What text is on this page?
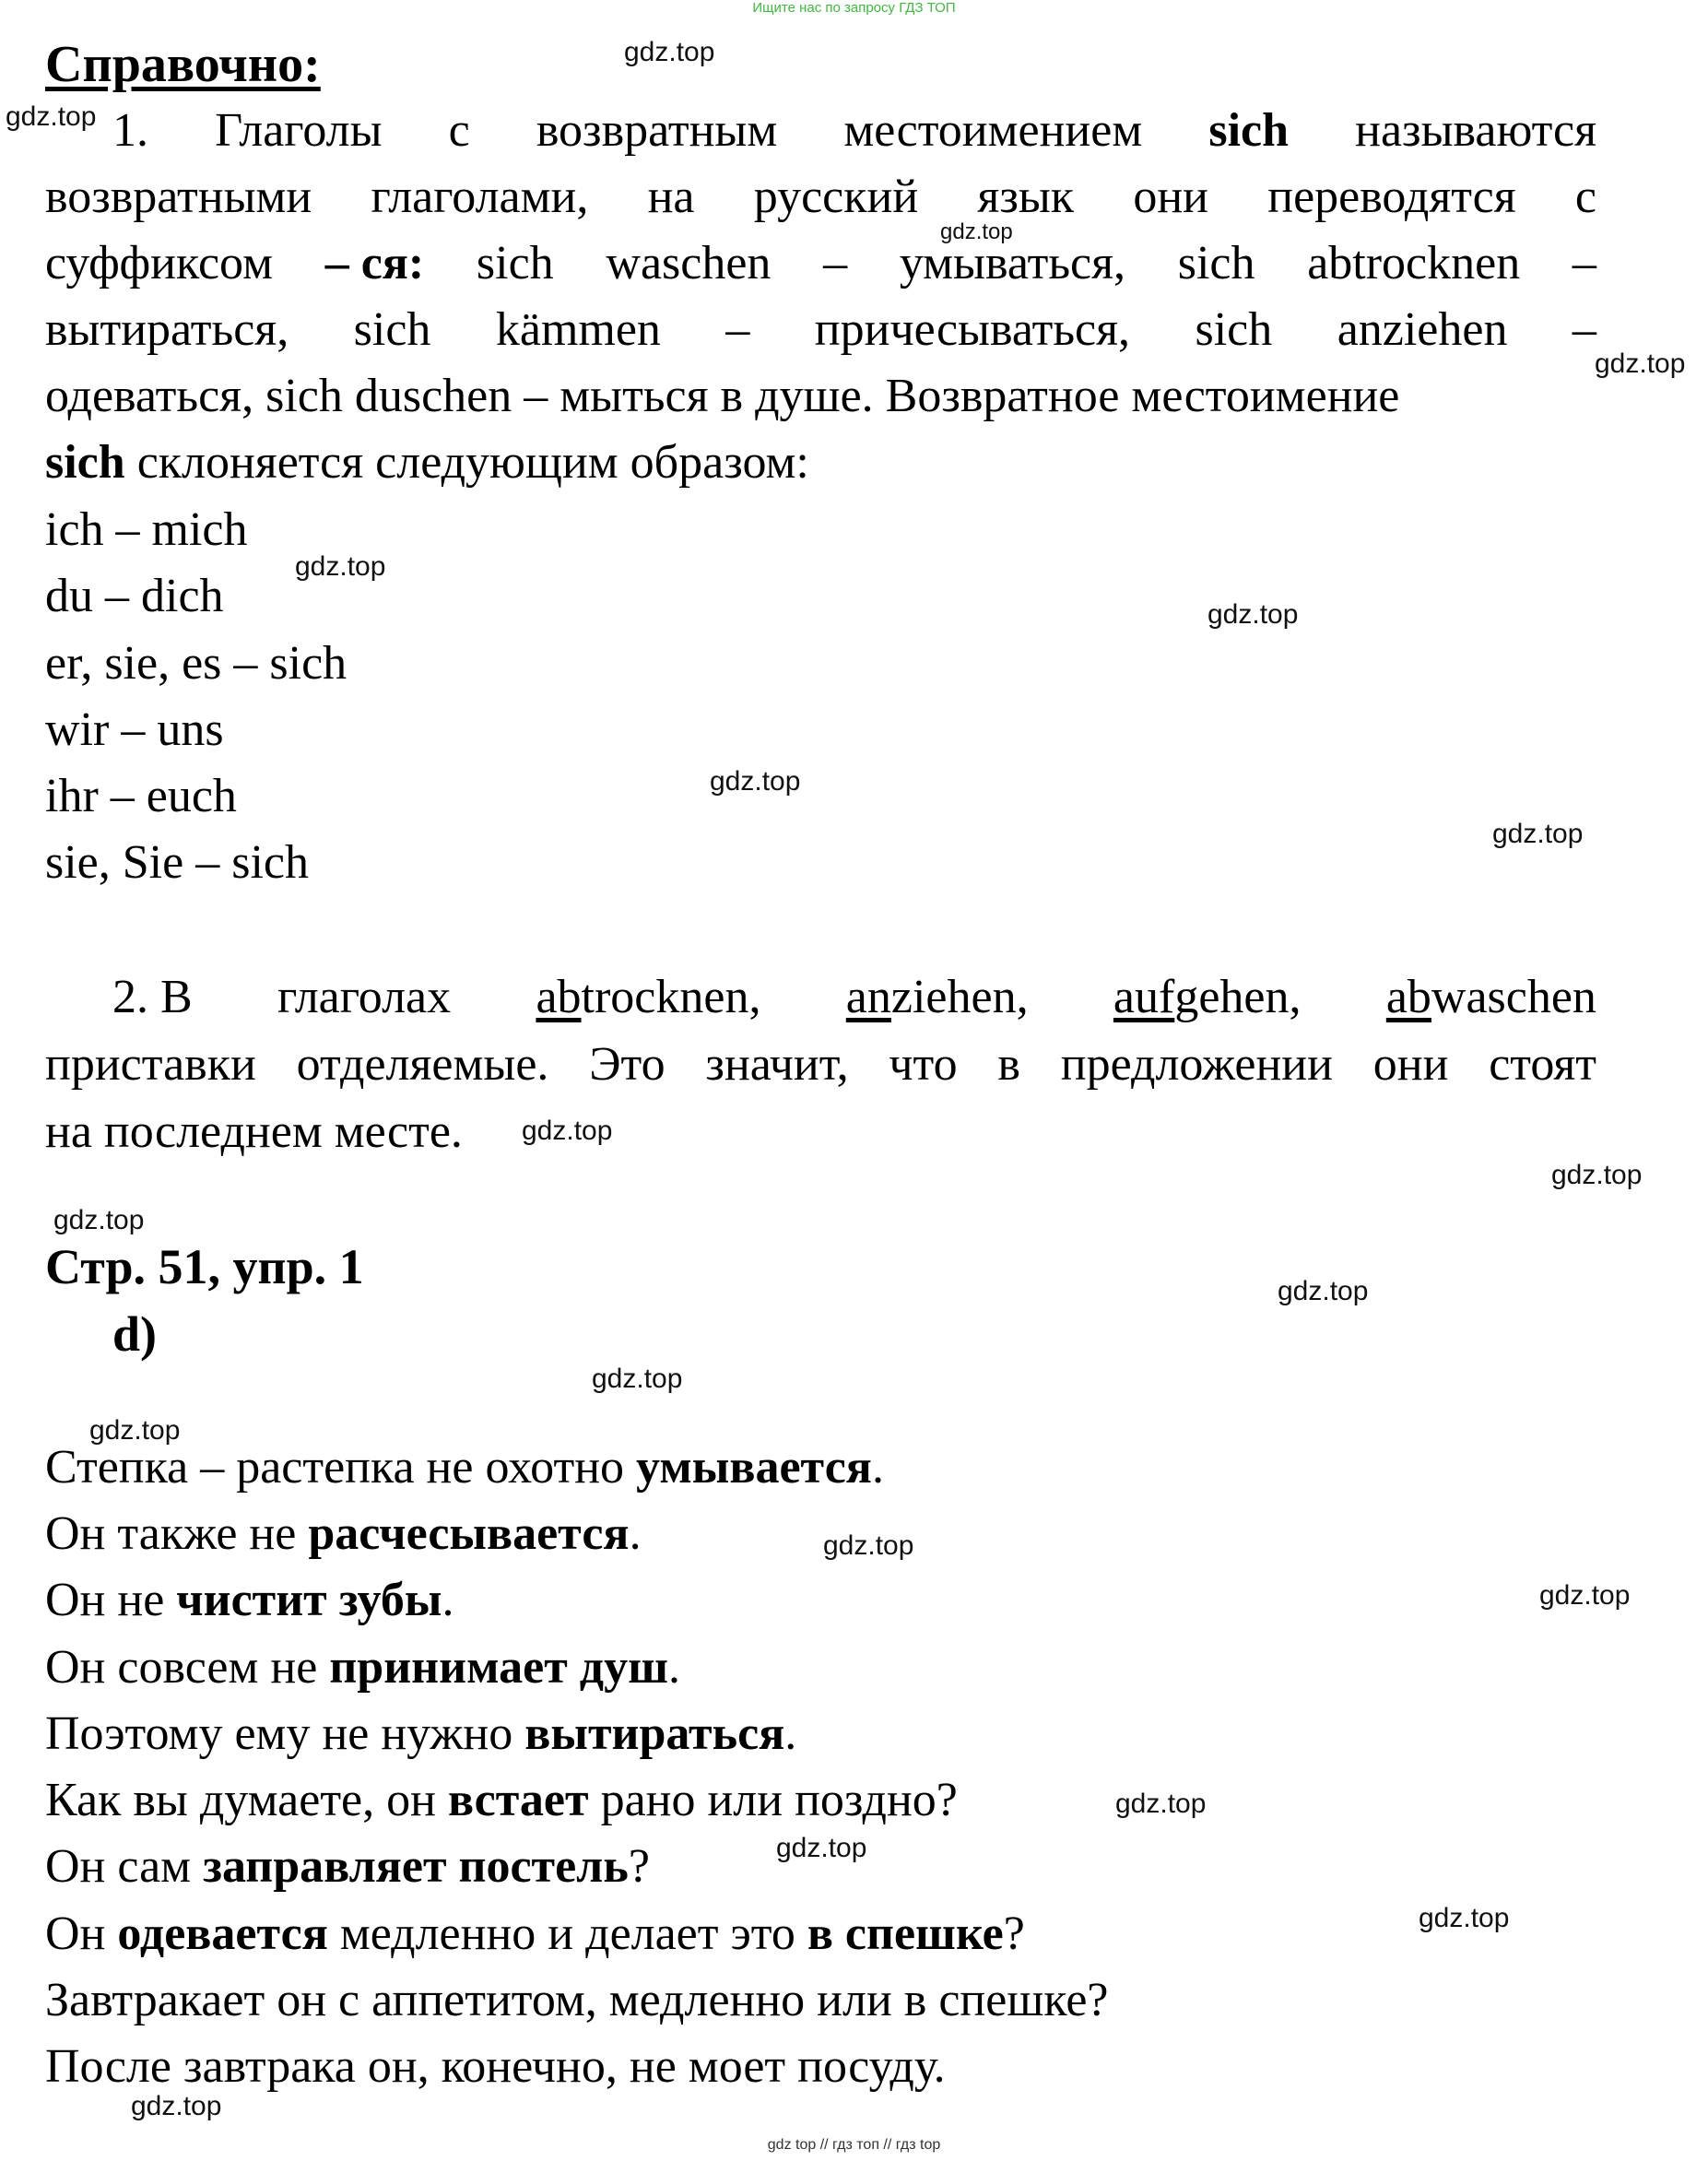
Ищите нас по запросу ГДЗ ТОП
Справочно:
1. Глаголы с возвратным местоимением sich называются
возвратными глаголами, на русский язык они переводятся с
суффиксом – ся: sich waschen – умываться, sich abtrocknen –
вытираться, sich kämmen – причесываться, sich anziehen –
одеваться, sich duschen – мыться в душе. Возвратное местоимение
sich склоняется следующим образом:
ich – mich
du – dich
er, sie, es – sich
wir – uns
ihr – euch
sie, Sie – sich
2. В глаголах abtrocknen, anziehen, aufgehen, abwaschen
приставки отделяемые. Это значит, что в предложении они стоят
на последнем месте.
Стр. 51, упр. 1
d)
Степка – растепка не охотно умывается.
Он также не расчесывается.
Он не чистит зубы.
Он совсем не принимает душ.
Поэтому ему не нужно вытираться.
Как вы думаете, он встает рано или поздно?
Он сам заправляет постель?
Он одевается медленно и делает это в спешке?
Завтракает он с аппетитом, медленно или в спешке?
После завтрака он, конечно, не моет посуду.
gdz.top
gdz.top
gdz.top
gdz.top
gdz.top
gdz.top
gdz.top
gdz.top
gdz.top
gdz.top
gdz.top
gdz.top
gdz.top
gdz.top
gdz.top
gdz.top
gdz.top
gdz.top
gdz.top
gdz.top
gdz top // гдз топ // гдз top
